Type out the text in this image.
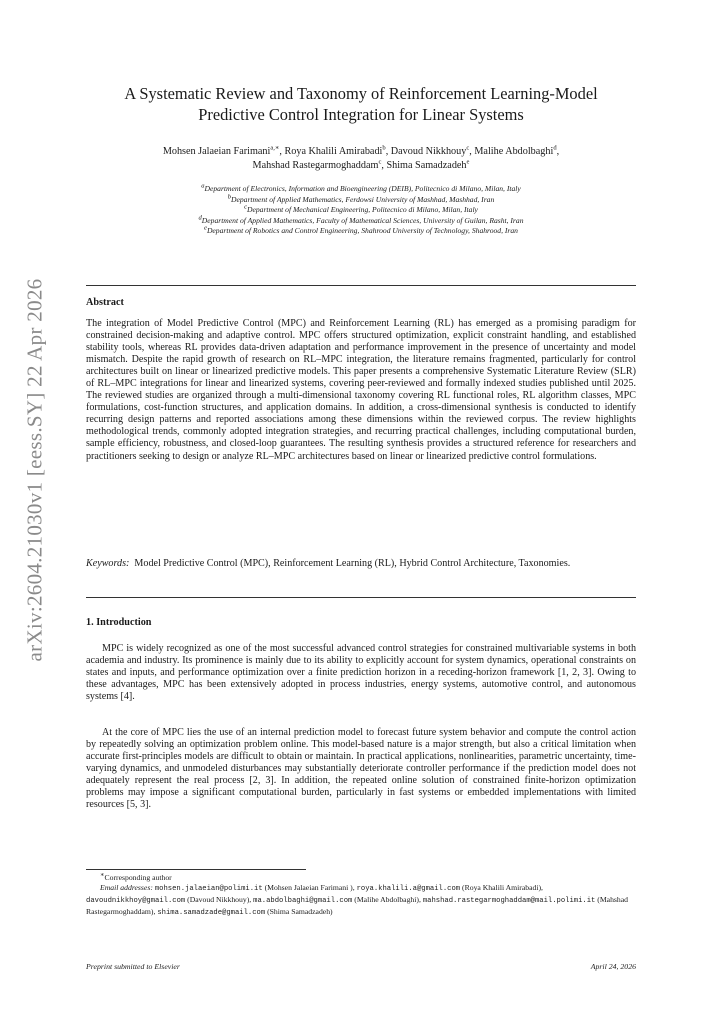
arXiv:2604.21030v1 [eess.SY] 22 Apr 2026
A Systematic Review and Taxonomy of Reinforcement Learning-Model
Predictive Control Integration for Linear Systems
Mohsen Jalaeian Farimani$^{a,∗}$, Roya Khalili Amirabadi$^b$, Davoud Nikkhouy$^c$, Malihe Abdolbaghi$^d$,
Mahshad Rastegarmoghaddam$^c$, Shima Samadzadeh$^e$
$^a$Department of Electronics, Information and Bioengineering (DEIB), Politecnico di Milano, Milan, Italy
$^b$Department of Applied Mathematics, Ferdowsi University of Mashhad, Mashhad, Iran
$^c$Department of Mechanical Engineering, Politecnico di Milano, Milan, Italy
$^d$Department of Applied Mathematics, Faculty of Mathematical Sciences, University of Guilan, Rasht, Iran
$^e$Department of Robotics and Control Engineering, Shahrood University of Technology, Shahrood, Iran
Abstract
The integration of Model Predictive Control (MPC) and Reinforcement Learning (RL) has emerged as a promising paradigm for constrained decision-making and adaptive control. MPC offers structured optimization, explicit constraint handling, and established stability tools, whereas RL provides data-driven adaptation and performance improvement in the presence of uncertainty and model mismatch. Despite the rapid growth of research on RL–MPC integration, the literature remains fragmented, particularly for control architectures built on linear or linearized predictive models. This paper presents a comprehensive Systematic Literature Review (SLR) of RL–MPC integrations for linear and linearized systems, covering peer-reviewed and formally indexed studies published until 2025. The reviewed studies are organized through a multi-dimensional taxonomy covering RL functional roles, RL algorithm classes, MPC formulations, cost-function structures, and application domains. In addition, a cross-dimensional synthesis is conducted to identify recurring design patterns and reported associations among these dimensions within the reviewed corpus. The review highlights methodological trends, commonly adopted integration strategies, and recurring practical challenges, including computational burden, sample efficiency, robustness, and closed-loop guarantees. The resulting synthesis provides a structured reference for researchers and practitioners seeking to design or analyze RL–MPC architectures based on linear or linearized predictive control formulations.
Keywords: Model Predictive Control (MPC), Reinforcement Learning (RL), Hybrid Control Architecture, Taxonomies.
1. Introduction
MPC is widely recognized as one of the most successful advanced control strategies for constrained multivariable systems in both academia and industry. Its prominence is mainly due to its ability to explicitly account for system dynamics, operational constraints on states and inputs, and performance optimization over a finite prediction horizon in a receding-horizon framework [1, 2, 3]. Owing to these advantages, MPC has been extensively adopted in process industries, energy systems, automotive control, and autonomous systems [4].
At the core of MPC lies the use of an internal prediction model to forecast future system behavior and compute the control action by repeatedly solving an optimization problem online. This model-based nature is a major strength, but also a critical limitation when accurate first-principles models are difficult to obtain or maintain. In practical applications, nonlinearities, parametric uncertainty, time-varying dynamics, and unmodeled disturbances may substantially deteriorate controller performance if the prediction model does not adequately represent the real process [2, 3]. In addition, the repeated online solution of constrained finite-horizon optimization problems may impose a significant computational burden, particularly in fast systems or embedded implementations with limited resources [5, 3].
∗Corresponding author
Email addresses: mohsen.jalaeian@polimi.it (Mohsen Jalaeian Farimani ), roya.khalili.a@gmail.com (Roya Khalili Amirabadi), davoudnikkhoy@gmail.com (Davoud Nikkhouy), ma.abdolbaghi@gmail.com (Malihe Abdolbaghi), mahshad.rastegarmoghaddam@mail.polimi.it (Mahshad Rastegarmoghaddam), shima.samadzade@gmail.com (Shima Samadzadeh)
Preprint submitted to Elsevier	April 24, 2026
